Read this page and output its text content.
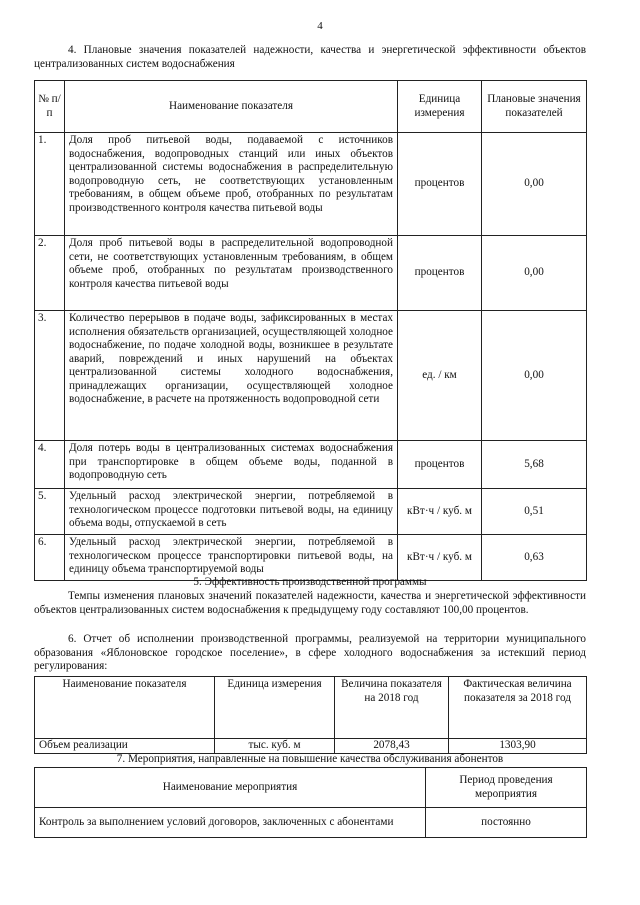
4
4. Плановые значения показателей надежности, качества и энергетической эффективности объектов централизованных систем водоснабжения
№ п/п	Наименование показателя	Единица измерения	Плановые значения показателей
1.	Доля проб питьевой воды, подаваемой с источников водоснабжения, водопроводных станций или иных объектов централизованной системы водоснабжения в распределительную водопроводную сеть, не соответствующих установленным требованиям, в общем объеме проб, отобранных по результатам производственного контроля качества питьевой воды	процентов	0,00
2.	Доля проб питьевой воды в распределительной водопроводной сети, не соответствующих установленным требованиям, в общем объеме проб, отобранных по результатам производственного контроля качества питьевой воды	процентов	0,00
3.	Количество перерывов в подаче воды, зафиксированных в местах исполнения обязательств организацией, осуществляющей холодное водоснабжение, по подаче холодной воды, возникшее в результате аварий, повреждений и иных нарушений на объектах централизованной системы холодного водоснабжения, принадлежащих организации, осуществляющей холодное водоснабжение, в расчете на протяженность водопроводной сети	ед. / км	0,00
4.	Доля потерь воды в централизованных системах водоснабжения при транспортировке в общем объеме воды, поданной в водопроводную сеть	процентов	5,68
5.	Удельный расход электрической энергии, потребляемой в технологическом процессе подготовки питьевой воды, на единицу объема воды, отпускаемой в сеть	кВт·ч / куб. м	0,51
6.	Удельный расход электрической энергии, потребляемой в технологическом процессе транспортировки питьевой воды, на единицу объема транспортируемой воды	кВт·ч / куб. м	0,63
5. Эффективность производственной программы
Темпы изменения плановых значений показателей надежности, качества и энергетической эффективности объектов централизованных систем водоснабжения к предыдущему году составляют 100,00 процентов.
6. Отчет об исполнении производственной программы, реализуемой на территории муниципального образования «Яблоновское городское поселение», в сфере холодного водоснабжения за истекший период регулирования:
Наименование показателя	Единица измерения	Величина показателя на 2018 год	Фактическая величина показателя за 2018 год
Объем реализации	тыс. куб. м	2078,43	1303,90
7. Мероприятия, направленные на повышение качества обслуживания абонентов
Наименование мероприятия	Период проведения мероприятия
Контроль за выполнением условий договоров, заключенных с абонентами	постоянно
